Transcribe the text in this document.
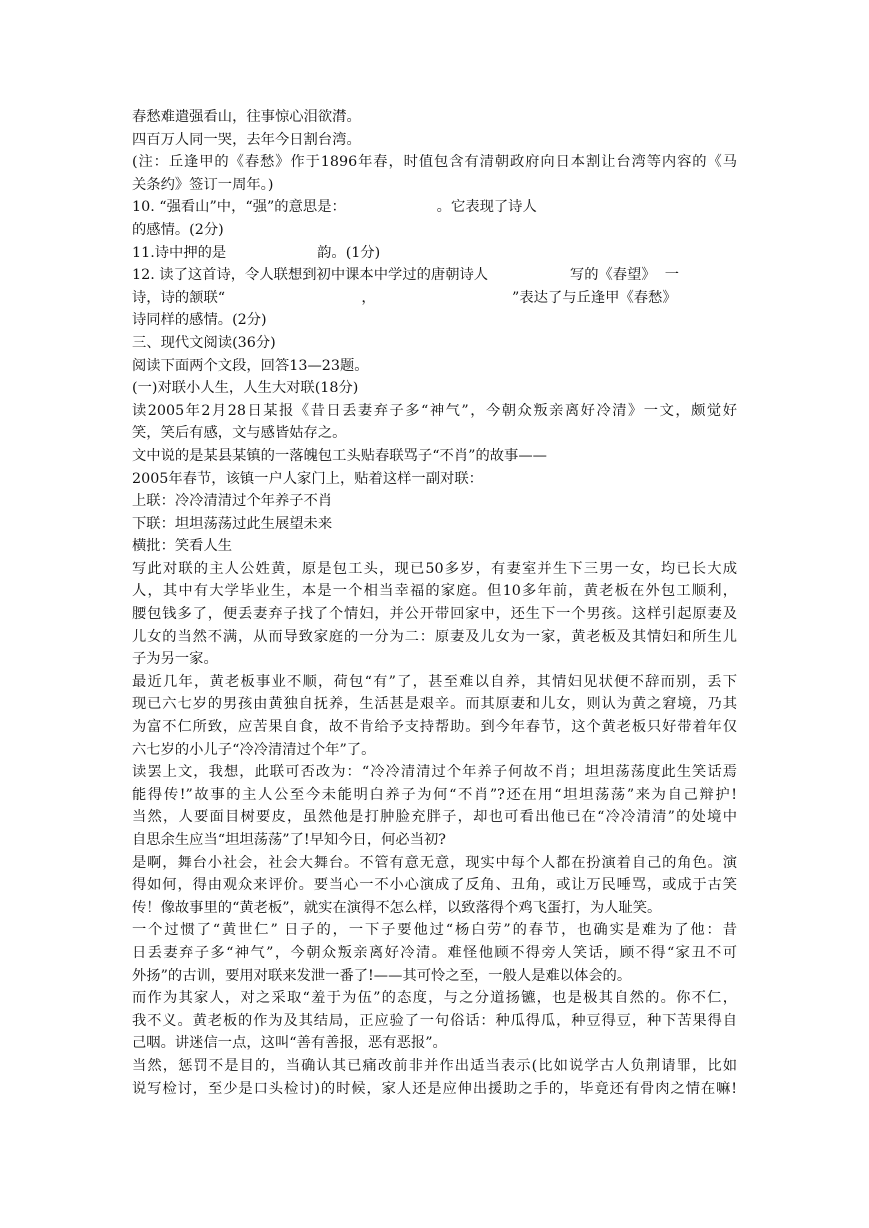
春愁难遣强看山，往事惊心泪欲潸。
四百万人同一哭，去年今日割台湾。
(注：丘逢甲的《春愁》作于1896年春，时值包含有清朝政府向日本割让台湾等内容的《马
关条约》签订一周年。)
10. “强看山”中，“强”的意思是：                    。它表现了诗人
的感情。(2分)
11.诗中押的是                    韵。(1分)
12. 读了这首诗，令人联想到初中课本中学过的唐朝诗人                  写的《春望》  一
诗，诗的颔联“                              ，                              ”表达了与丘逢甲《春愁》
诗同样的感情。(2分)
三、现代文阅读(36分)
阅读下面两个文段，回答13—23题。
(一)对联小人生，人生大对联(18分)
读2005年2月28日某报《昔日丢妻弃子多“神气”，今朝众叛亲离好冷清》一文，颇觉好
笑，笑后有感，文与感皆姑存之。
文中说的是某县某镇的一落魄包工头贴春联骂子“不肖”的故事——
2005年春节，该镇一户人家门上，贴着这样一副对联：
上联：冷冷清清过个年养子不肖
下联：坦坦荡荡过此生展望未来
横批：笑看人生
写此对联的主人公姓黄，原是包工头，现已50多岁，有妻室并生下三男一女，均已长大成
人，其中有大学毕业生，本是一个相当幸福的家庭。但10多年前，黄老板在外包工顺利，
腰包钱多了，便丢妻弃子找了个情妇，并公开带回家中，还生下一个男孩。这样引起原妻及
儿女的当然不满，从而导致家庭的一分为二：原妻及儿女为一家，黄老板及其情妇和所生儿
子为另一家。
最近几年，黄老板事业不顺，荷包“有”了，甚至难以自养，其情妇见状便不辞而别，丢下
现已六七岁的男孩由黄独自抚养，生活甚是艰辛。而其原妻和儿女，则认为黄之窘境，乃其
为富不仁所致，应苦果自食，故不肯给予支持帮助。到今年春节，这个黄老板只好带着年仅
六七岁的小儿子“冷冷清清过个年”了。
读罢上文，我想，此联可否改为：“冷冷清清过个年养子何故不肖；坦坦荡荡度此生笑话焉
能得传!”故事的主人公至今未能明白养子为何“不肖”?还在用“坦坦荡荡”来为自己辩护!
当然，人要面目树要皮，虽然他是打肿脸充胖子，却也可看出他已在“冷冷清清”的处境中
自思余生应当“坦坦荡荡”了!早知今日，何必当初?
是啊，舞台小社会，社会大舞台。不管有意无意，现实中每个人都在扮演着自己的角色。演
得如何，得由观众来评价。要当心一不小心演成了反角、丑角，或让万民唾骂，或成于古笑
传！像故事里的“黄老板”，就实在演得不怎么样，以致落得个鸡飞蛋打，为人耻笑。
一个过惯了“黄世仁” 日子的，一下子要他过“杨白劳”的春节，也确实是难为了他：昔
日丢妻弃子多“神气”，今朝众叛亲离好冷清。难怪他顾不得旁人笑话，顾不得“家丑不可
外扬”的古训，要用对联来发泄一番了!——其可怜之至，一般人是难以体会的。
而作为其家人，对之采取“羞于为伍”的态度，与之分道扬镳，也是极其自然的。你不仁，
我不义。黄老板的作为及其结局，正应验了一句俗话：种瓜得瓜，种豆得豆，种下苦果得自
己咽。讲迷信一点，这叫“善有善报，恶有恶报”。
当然，惩罚不是目的，当确认其已痛改前非并作出适当表示(比如说学古人负荆请罪，比如
说写检讨，至少是口头检讨)的时候，家人还是应伸出援助之手的，毕竟还有骨肉之情在嘛!
